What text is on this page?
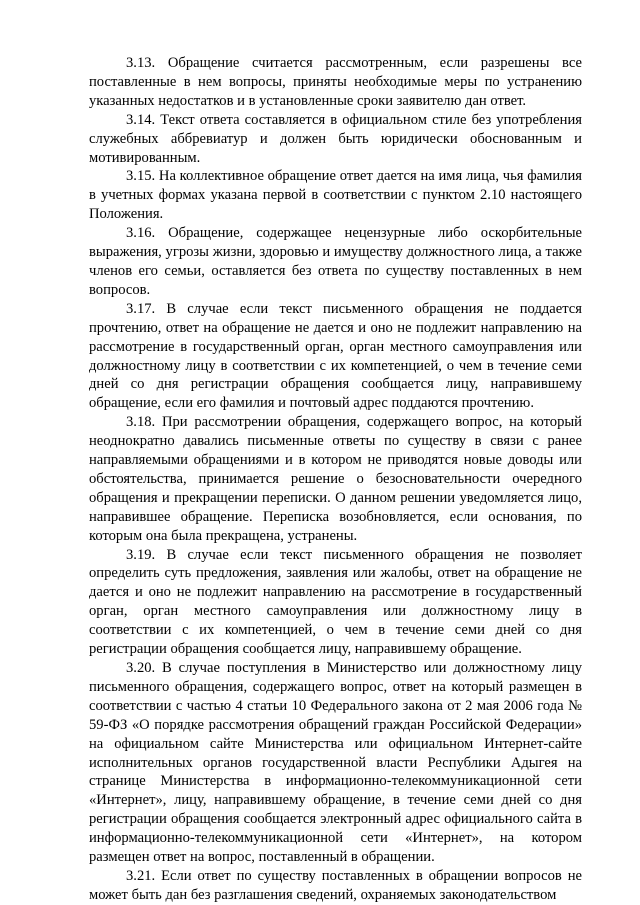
3.13. Обращение считается рассмотренным, если разрешены все поставленные в нем вопросы, приняты необходимые меры по устранению указанных недостатков и в установленные сроки заявителю дан ответ.

3.14. Текст ответа составляется в официальном стиле без употребления служебных аббревиатур и должен быть юридически обоснованным и мотивированным.

3.15. На коллективное обращение ответ дается на имя лица, чья фамилия в учетных формах указана первой в соответствии с пунктом 2.10 настоящего Положения.

3.16. Обращение, содержащее нецензурные либо оскорбительные выражения, угрозы жизни, здоровью и имуществу должностного лица, а также членов его семьи, оставляется без ответа по существу поставленных в нем вопросов.

3.17. В случае если текст письменного обращения не поддается прочтению, ответ на обращение не дается и оно не подлежит направлению на рассмотрение в государственный орган, орган местного самоуправления или должностному лицу в соответствии с их компетенцией, о чем в течение семи дней со дня регистрации обращения сообщается лицу, направившему обращение, если его фамилия и почтовый адрес поддаются прочтению.

3.18. При рассмотрении обращения, содержащего вопрос, на который неоднократно давались письменные ответы по существу в связи с ранее направляемыми обращениями и в котором не приводятся новые доводы или обстоятельства, принимается решение о безосновательности очередного обращения и прекращении переписки. О данном решении уведомляется лицо, направившее обращение. Переписка возобновляется, если основания, по которым она была прекращена, устранены.

3.19. В случае если текст письменного обращения не позволяет определить суть предложения, заявления или жалобы, ответ на обращение не дается и оно не подлежит направлению на рассмотрение в государственный орган, орган местного самоуправления или должностному лицу в соответствии с их компетенцией, о чем в течение семи дней со дня регистрации обращения сообщается лицу, направившему обращение.

3.20. В случае поступления в Министерство или должностному лицу письменного обращения, содержащего вопрос, ответ на который размещен в соответствии с частью 4 статьи 10 Федерального закона от 2 мая 2006 года № 59-ФЗ «О порядке рассмотрения обращений граждан Российской Федерации» на официальном сайте Министерства или официальном Интернет-сайте исполнительных органов государственной власти Республики Адыгея на странице Министерства в информационно-телекоммуникационной сети «Интернет», лицу, направившему обращение, в течение семи дней со дня регистрации обращения сообщается электронный адрес официального сайта в информационно-телекоммуникационной сети «Интернет», на котором размещен ответ на вопрос, поставленный в обращении.

3.21. Если ответ по существу поставленных в обращении вопросов не может быть дан без разглашения сведений, охраняемых законодательством
